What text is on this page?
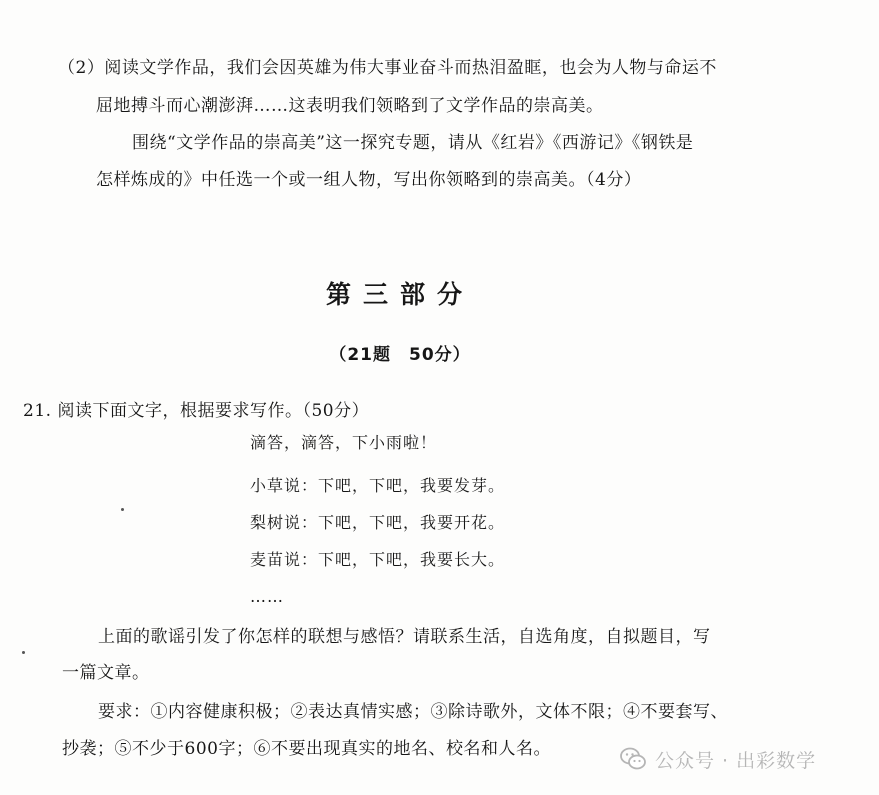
（2）阅读文学作品，我们会因英雄为伟大事业奋斗而热泪盈眶，也会为人物与命运不
屈地搏斗而心潮澎湃……这表明我们领略到了文学作品的崇高美。
围绕“文学作品的崇高美”这一探究专题，请从《红岩》《西游记》《钢铁是
怎样炼成的》中任选一个或一组人物，写出你领略到的崇高美。（4分）
第三部分
（21题　50分）
21. 阅读下面文字，根据要求写作。（50分）
滴答，滴答，下小雨啦！
小草说：下吧，下吧，我要发芽。
梨树说：下吧，下吧，我要开花。
麦苗说：下吧，下吧，我要长大。
……
上面的歌谣引发了你怎样的联想与感悟？请联系生活，自选角度，自拟题目，写
一篇文章。
要求：①内容健康积极；②表达真情实感；③除诗歌外，文体不限；④不要套写、
抄袭；⑤不少于600字；⑥不要出现真实的地名、校名和人名。
公众号 · 出彩数学
